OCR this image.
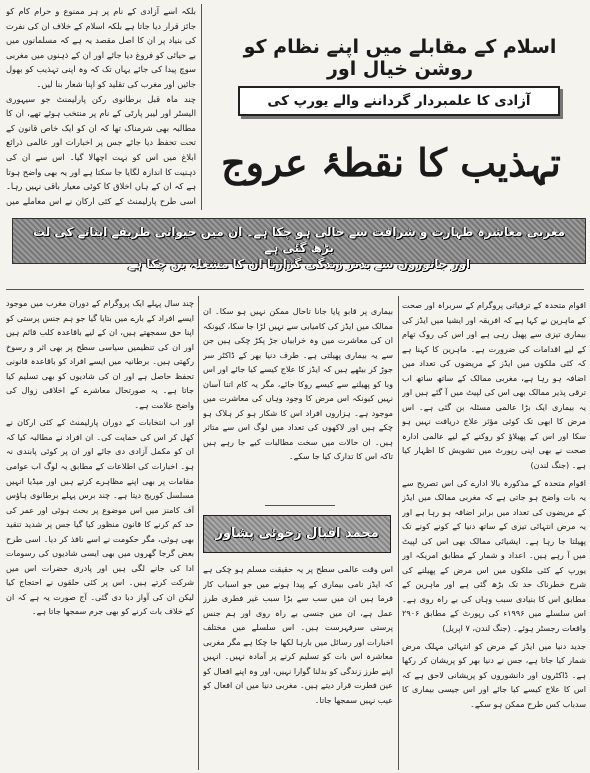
بلکہ اسے آزادی کے نام پر ہر ممنوع و حرام کام کو جائز قرار دیا جاتا ہے بلکہ اسلام کے خلاف ان کی نفرت کی بنیاد پر ان کا اصل مقصد یہ ہے کہ مسلمانوں میں بے حیائی کو فروغ دیا جائے اور ان کے ذہنوں میں مغربی سوچ پیدا کی جائے یہاں تک کہ وہ اپنی تہذیب کو بھول جائیں اور مغرب کی تقلید کو اپنا شعار بنا لیں۔

چند ماہ قبل برطانوی رکن پارلیمنٹ جو سیہوری الیسٹر اور لیبر پارٹی کے نام پر منتخب ہوئے تھے، ان کا مطالبہ بھی شرمناک تھا کہ ان کو ایک خاص قانون کے تحت تحفظ دیا جائے جس پر اخبارات اور عالمی ذرائع ابلاغ میں اس کو بہت اچھالا گیا۔ اس سے ان کی ذہنیت کا اندازہ لگایا جا سکتا ہے اور یہ بھی واضح ہوتا ہے کہ ان کے ہاں اخلاق کا کوئی معیار باقی نہیں رہا۔ اسی طرح پارلیمنٹ کے کئی ارکان نے اس معاملے میں

اسلام کے مقابلے میں اپنے نظام کو روشن خیال اور
آزادی کا علمبردار گرداننے والے یورپ کی
تہذیب کا نقطۂ عروج
مغربی معاشرہ طہارت و شرافت سے خالی ہو چکا ہے۔ ان میں حیوانی طریقے اپنانے کی لت بڑھ گئی ہے
اور جانوروں سے بدتر زندگی گزارنا ان کا مشغلہ بن چکا ہے

اقوام متحدہ کے ترقیاتی پروگرام کے سربراہ اور صحت کے ماہرین نے کہا ہے کہ افریقہ اور ایشیا میں ایڈز کی بیماری تیزی سے پھیل رہی ہے اور اس کی روک تھام کے لیے اقدامات کی ضرورت ہے۔ ماہرین کا کہنا ہے کہ کئی ملکوں میں ایڈز کے مریضوں کی تعداد میں اضافہ ہو رہا ہے، مغربی ممالک کے ساتھ ساتھ اب ترقی پذیر ممالک بھی اس کی لپیٹ میں آ گئے ہیں اور یہ بیماری ایک بڑا عالمی مسئلہ بن گئی ہے۔ اس مرض کا ابھی تک کوئی مؤثر علاج دریافت نہیں ہو سکا اور اس کے پھیلاؤ کو روکنے کے لیے عالمی ادارہ صحت نے بھی اپنی رپورٹ میں تشویش کا اظہار کیا ہے۔ (جنگ لندن)

اقوام متحدہ کے مذکورہ بالا ادارے کی اس تصریح سے یہ بات واضح ہو جاتی ہے کہ مغربی ممالک میں ایڈز کے مریضوں کی تعداد میں برابر اضافہ ہو رہا ہے اور یہ مرض انتہائی تیزی کے ساتھ دنیا کے کونے کونے تک پھیلتا جا رہا ہے۔ ایشیائی ممالک بھی اس کی لپیٹ میں آ رہے ہیں۔ اعداد و شمار کے مطابق امریکہ اور یورپ کے کئی ملکوں میں اس مرض کے پھیلنے کی شرح خطرناک حد تک بڑھ گئی ہے اور ماہرین کے مطابق اس کا بنیادی سبب وہاں کی بے راہ روی ہے۔ اس سلسلے میں ۱۹۹۶ء کی رپورٹ کے مطابق ۲۹۰۶ واقعات رجسٹر ہوئے۔ (جنگ لندن، ۷ اپریل)

جدید دنیا میں ایڈز کے مرض کو انتہائی مہلک مرض شمار کیا جاتا ہے، جس نے دنیا بھر کو پریشان کر رکھا ہے۔ ڈاکٹروں اور دانشوروں کو پریشانی لاحق ہے کہ اس کا علاج کیسے کیا جائے اور اس جیسی بیماری کا سدباب کس طرح ممکن ہو سکے۔

بیماری پر قابو پایا جانا تاحال ممکن نہیں ہو سکا۔ ان ممالک میں ایڈز کی کامیابی سے نہیں لڑا جا سکا، کیونکہ ان کی معاشرت میں وہ خرابیاں جڑ پکڑ چکی ہیں جن سے یہ بیماری پھیلتی ہے۔ طرف دنیا بھر کے ڈاکٹر سر جوڑ کر بیٹھے ہیں کہ ایڈز کا علاج کیسے کیا جائے اور اس وبا کو پھیلنے سے کیسے روکا جائے، مگر یہ کام اتنا آسان نہیں کیونکہ اس مرض کا وجود وہاں کی معاشرت میں موجود ہے۔ ہزاروں افراد اس کا شکار ہو کر ہلاک ہو چکے ہیں اور لاکھوں کی تعداد میں لوگ اس سے متاثر ہیں۔ ان حالات میں سخت مطالبات کیے جا رہے ہیں تاکہ اس کا تدارک کیا جا سکے۔

محمد اقبال زخوئی پشاور

اس وقت عالمی سطح پر یہ حقیقت مسلم ہو چکی ہے کہ ایڈز نامی بیماری کے پیدا ہونے میں جو اسباب کار فرما ہیں ان میں سب سے بڑا سبب غیر فطری طرز عمل ہے، ان میں جنسی بے راہ روی اور ہم جنس پرستی سرفہرست ہیں۔ اس سلسلے میں مختلف اخبارات اور رسائل میں بارہا لکھا جا چکا ہے مگر مغربی معاشرہ اس بات کو تسلیم کرنے پر آمادہ نہیں۔ انہیں اپنے طرز زندگی کو بدلنا گوارا نہیں، اور وہ اپنے افعال کو عین فطرت قرار دیتے ہیں۔ مغربی دنیا میں ان افعال کو عیب نہیں سمجھا جاتا۔

چند سال پہلے ایک پروگرام کے دوران مغرب میں موجود ایسے افراد کے بارے میں بتایا گیا جو ہم جنس پرستی کو اپنا حق سمجھتے ہیں، ان کے لیے باقاعدہ کلب قائم ہیں اور ان کی تنظیمیں سیاسی سطح پر بھی اثر و رسوخ رکھتی ہیں۔ برطانیہ میں ایسے افراد کو باقاعدہ قانونی تحفظ حاصل ہے اور ان کی شادیوں کو بھی تسلیم کیا جاتا ہے۔ یہ صورتحال معاشرے کے اخلاقی زوال کی واضح علامت ہے۔

اور اب انتخابات کے دوران پارلیمنٹ کے کئی ارکان نے کھل کر اس کی حمایت کی۔ ان افراد نے مطالبہ کیا کہ ان کو مکمل آزادی دی جائے اور ان پر کوئی پابندی نہ ہو۔ اخبارات کی اطلاعات کے مطابق یہ لوگ اب عوامی مقامات پر بھی اپنے مظاہرے کرتے ہیں اور میڈیا انہیں مسلسل کوریج دیتا ہے۔ چند برس پہلے برطانوی ہاؤس آف کامنز میں اس موضوع پر بحث ہوئی اور عمر کی حد کم کرنے کا قانون منظور کیا گیا جس پر شدید تنقید بھی ہوئی، مگر حکومت نے اسے نافذ کر دیا۔ اسی طرح بعض گرجا گھروں میں بھی ایسی شادیوں کی رسومات ادا کی جانے لگی ہیں اور پادری حضرات اس میں شرکت کرتے ہیں۔ اس پر کئی حلقوں نے احتجاج کیا لیکن ان کی آواز دبا دی گئی۔ آج صورت یہ ہے کہ ان کے خلاف بات کرنے کو بھی جرم سمجھا جاتا ہے۔
